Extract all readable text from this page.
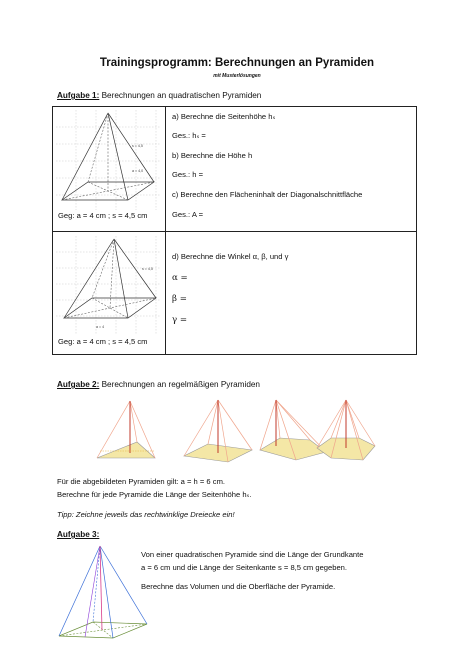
Trainingsprogramm: Berechnungen an Pyramiden
mit Musterlösungen
Aufgabe 1: Berechnungen an quadratischen Pyramiden
s = 4,5
a = 4,0
Geg: a = 4 cm ; s = 4,5 cm
a) Berechne die Seitenhöhe hₛ
Ges.: hₛ =
b) Berechne die Höhe h
Ges.: h =
c) Berechne den Flächeninhalt der Diagonalschnittfläche
Ges.: A =
s = 4,5
a = 4
Geg: a = 4 cm ; s = 4,5 cm
d) Berechne die Winkel α, β, und γ
α =
β =
γ =
Aufgabe 2: Berechnungen an regelmäßigen Pyramiden
Für die abgebildeten Pyramiden gilt: a = h = 6 cm.
Berechne für jede Pyramide die Länge der Seitenhöhe hₛ.
Tipp: Zeichne jeweils das rechtwinklige Dreiecke ein!
Aufgabe 3:
Von einer quadratischen Pyramide sind die Länge der Grundkante
a = 6 cm und die Länge der Seitenkante s = 8,5 cm gegeben.
Berechne das Volumen und die Oberfläche der Pyramide.
